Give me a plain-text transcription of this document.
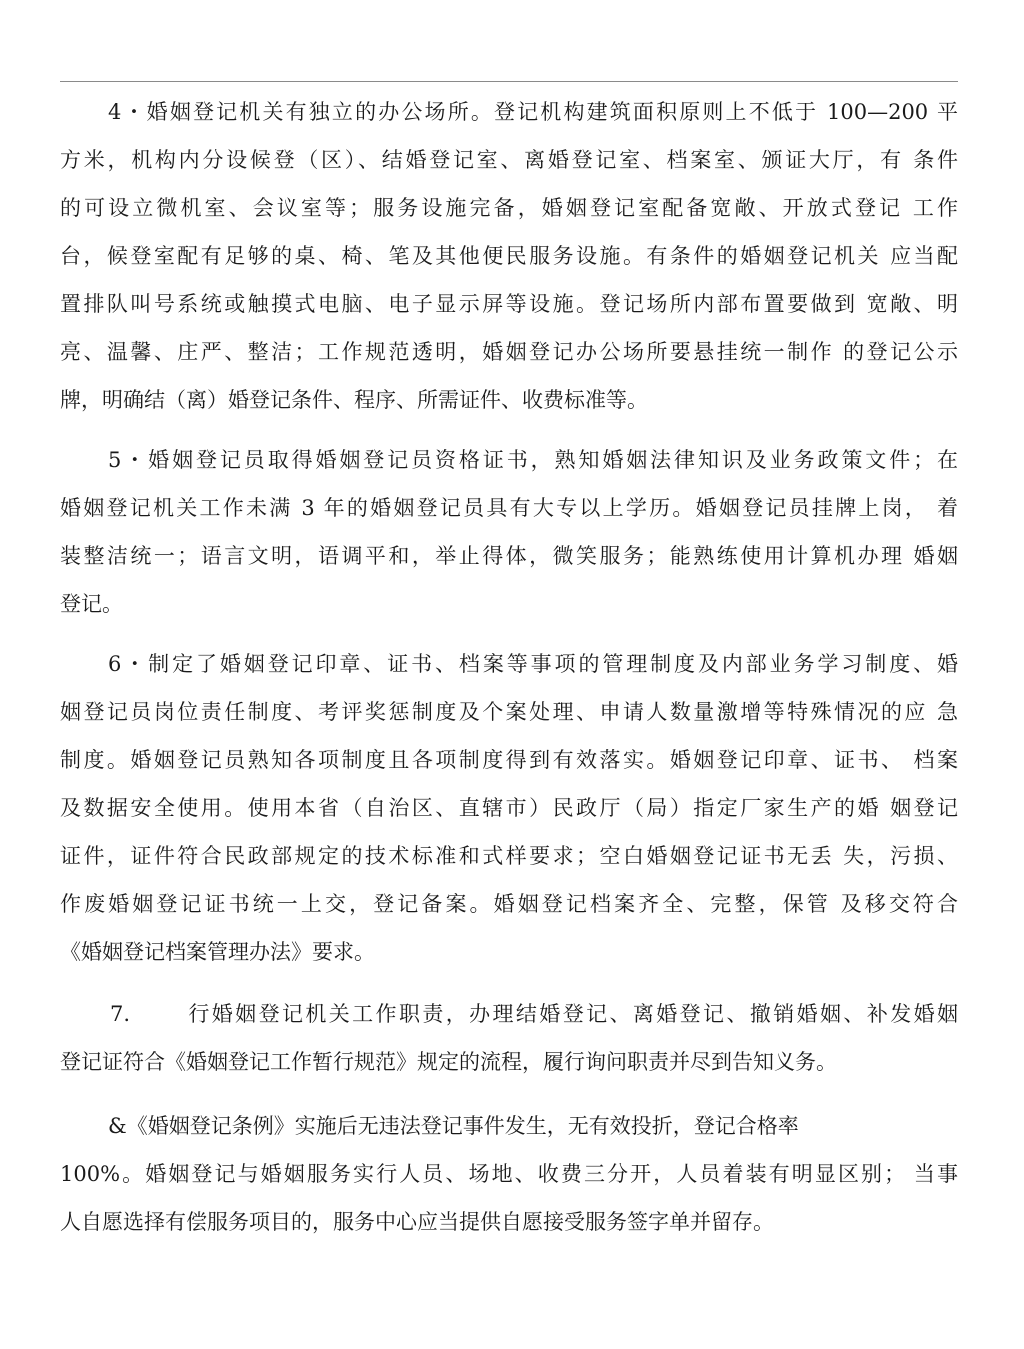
4・婚姻登记机关有独立的办公场所。登记机构建筑面积原则上不低于 100—200 平
方米，机构内分设候登（区）、结婚登记室、离婚登记室、档案室、颁证大厅，有 条件
的可设立微机室、会议室等；服务设施完备，婚姻登记室配备宽敞、开放式登记 工作
台，候登室配有足够的桌、椅、笔及其他便民服务设施。有条件的婚姻登记机关 应当配
置排队叫号系统或触摸式电脑、电子显示屏等设施。登记场所内部布置要做到 宽敞、明
亮、温馨、庄严、整洁；工作规范透明，婚姻登记办公场所要悬挂统一制作 的登记公示
牌，明确结（离）婚登记条件、程序、所需证件、收费标准等。
5・婚姻登记员取得婚姻登记员资格证书，熟知婚姻法律知识及业务政策文件；在
婚姻登记机关工作未满 3 年的婚姻登记员具有大专以上学历。婚姻登记员挂牌上岗， 着
装整洁统一；语言文明，语调平和，举止得体，微笑服务；能熟练使用计算机办理 婚姻
登记。
6・制定了婚姻登记印章、证书、档案等事项的管理制度及内部业务学习制度、婚
姻登记员岗位责任制度、考评奖惩制度及个案处理、申请人数量激增等特殊情况的应 急
制度。婚姻登记员熟知各项制度且各项制度得到有效落实。婚姻登记印章、证书、 档案
及数据安全使用。使用本省（自治区、直辖市）民政厅（局）指定厂家生产的婚 姻登记
证件，证件符合民政部规定的技术标准和式样要求；空白婚姻登记证书无丢 失，污损、
作废婚姻登记证书统一上交，登记备案。婚姻登记档案齐全、完整，保管 及移交符合
《婚姻登记档案管理办法》要求。
7.	行婚姻登记机关工作职责，办理结婚登记、离婚登记、撤销婚姻、补发婚姻
登记证符合《婚姻登记工作暂行规范》规定的流程，履行询问职责并尽到告知义务。
&《婚姻登记条例》实施后无违法登记事件发生，无有效投折，登记合格率
100%。婚姻登记与婚姻服务实行人员、场地、收费三分开，人员着装有明显区别； 当事
人自愿选择有偿服务项目的，服务中心应当提供自愿接受服务签字单并留存。
